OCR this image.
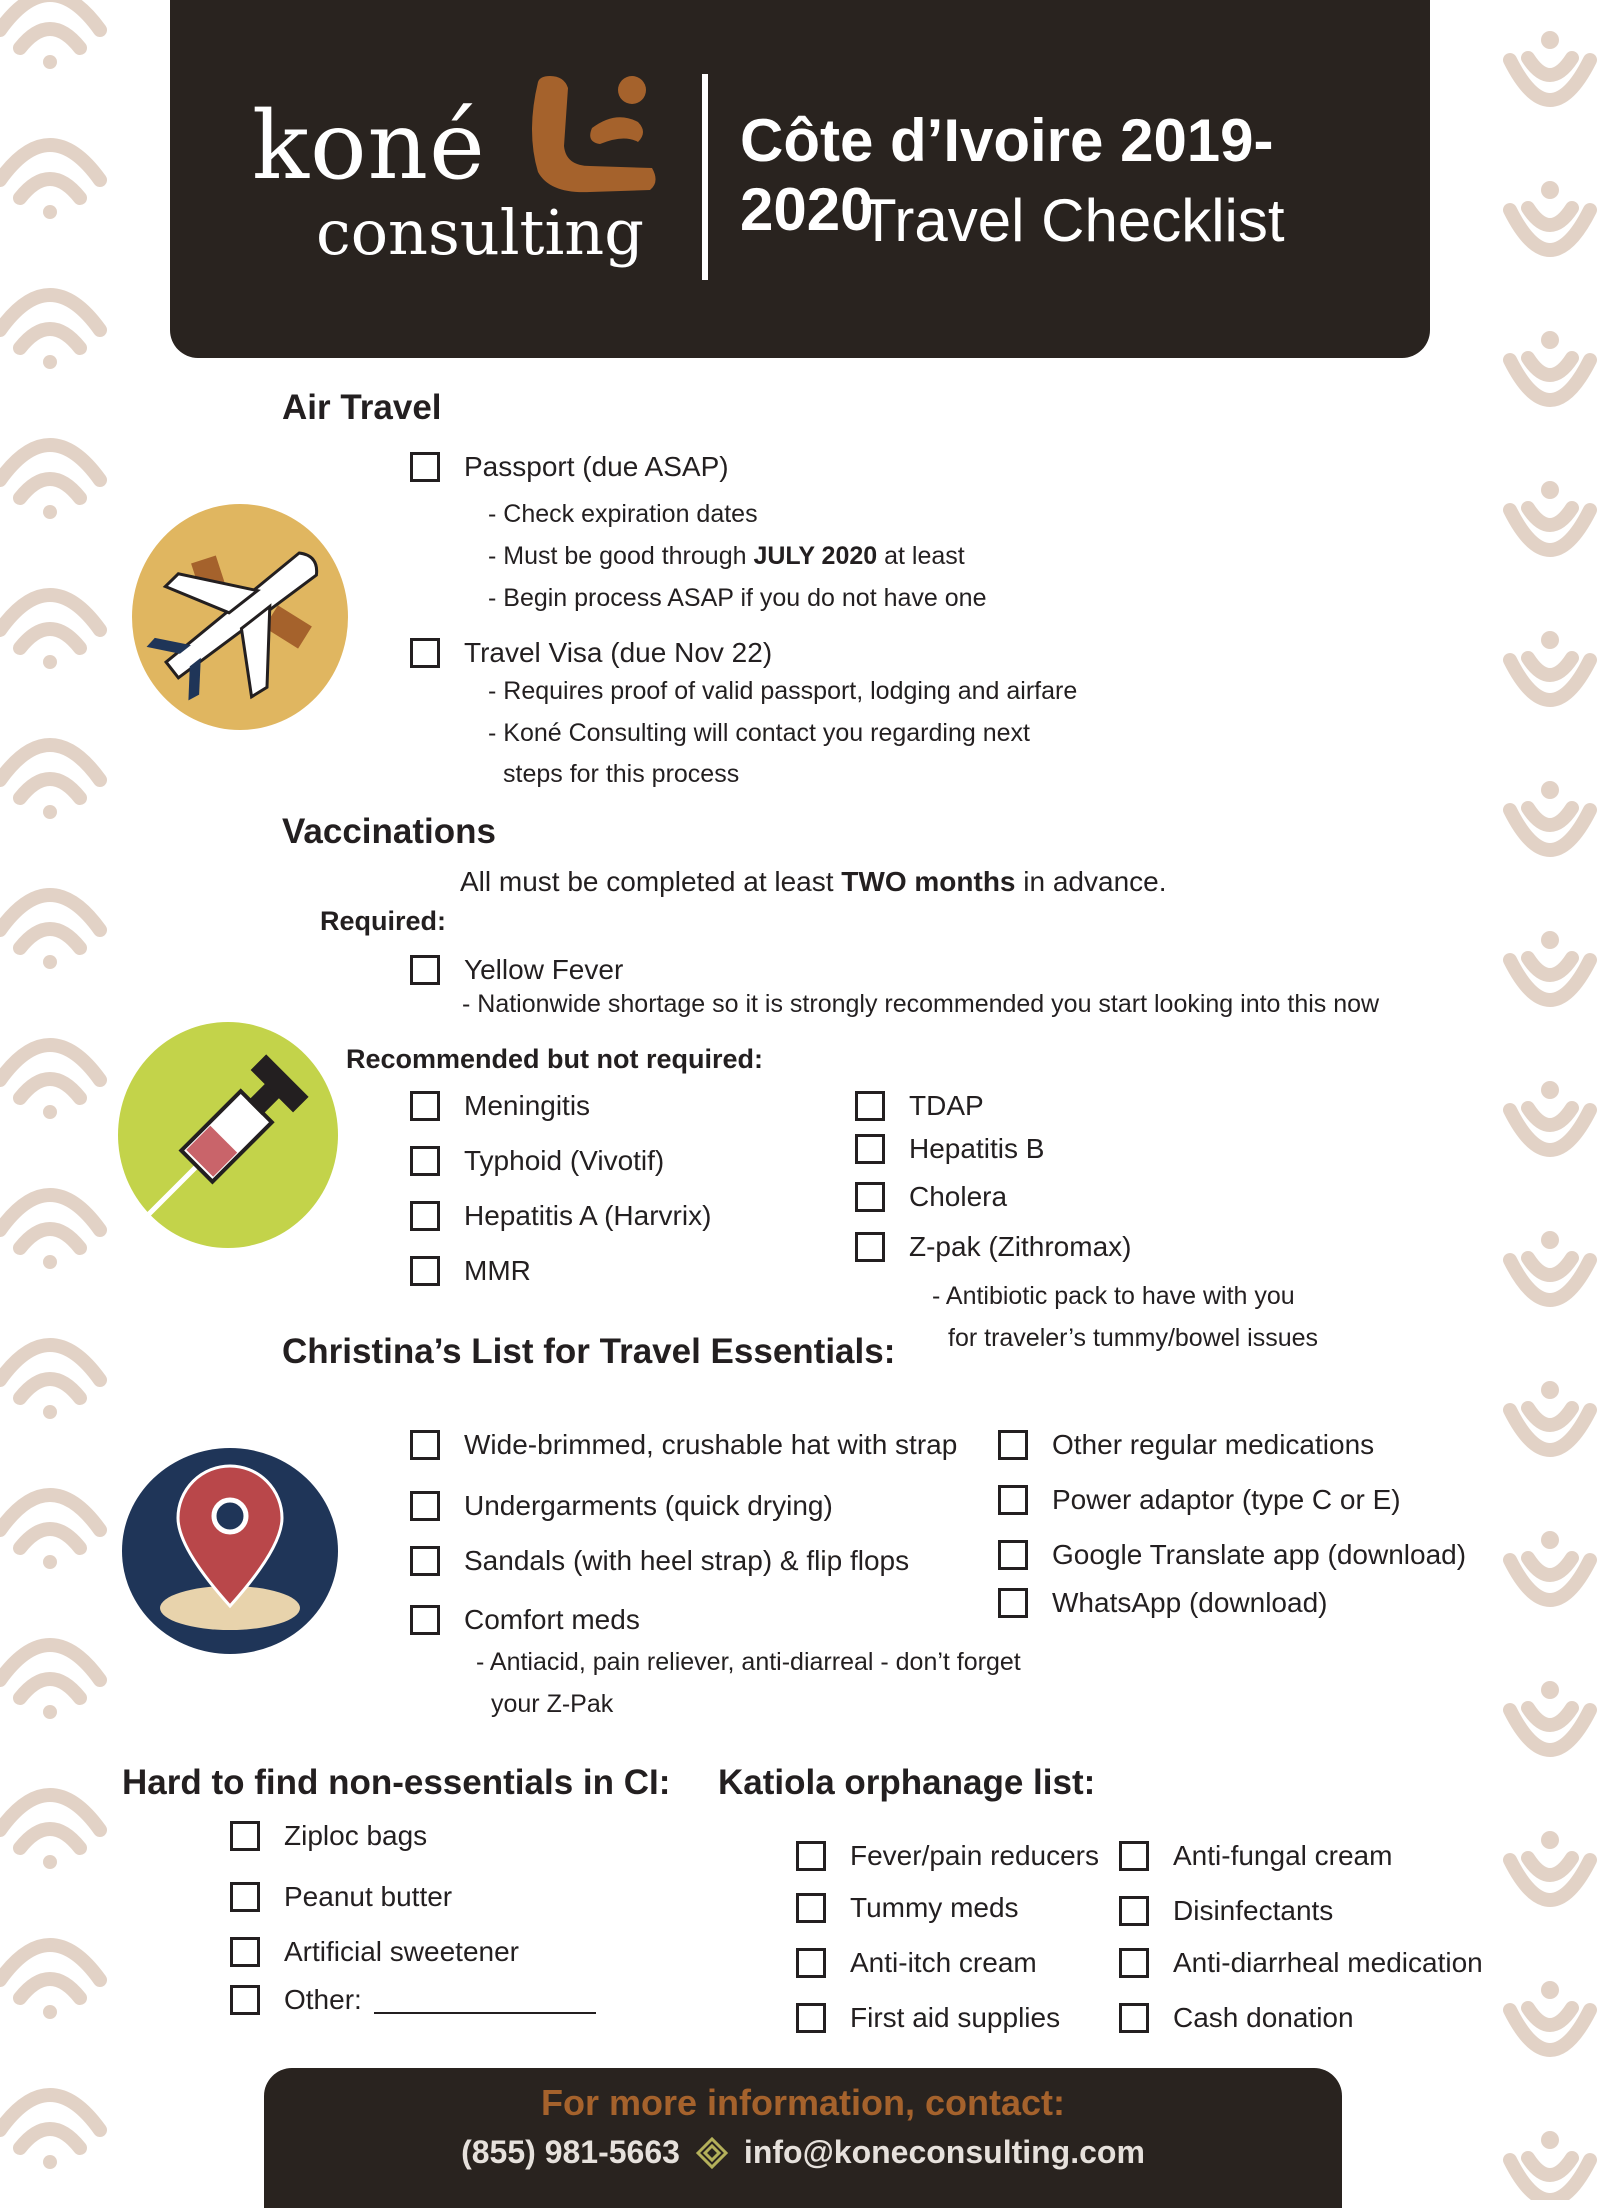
koné
consulting
Côte d’Ivoire 2019-2020
Travel Checklist
Air Travel
Passport (due ASAP)
- Check expiration dates
- Must be good through JULY 2020 at least
- Begin process ASAP if you do not have one
Travel Visa (due Nov 22)
- Requires proof of valid passport, lodging and airfare
- Koné Consulting will contact you regarding next
steps for this process
Vaccinations
All must be completed at least TWO months in advance.
Required:
Yellow Fever
- Nationwide shortage so it is strongly recommended you start looking into this now
Recommended but not required:
Meningitis
Typhoid (Vivotif)
Hepatitis A (Harvrix)
MMR
TDAP
Hepatitis B
Cholera
Z-pak (Zithromax)
- Antibiotic pack to have with you
for traveler’s tummy/bowel issues
Christina’s List for Travel Essentials:
Wide-brimmed, crushable hat with strap
Undergarments (quick drying)
Sandals (with heel strap) & flip flops
Comfort meds
- Antiacid, pain reliever, anti-diarreal - don’t forget
your Z-Pak
Other regular medications
Power adaptor (type C or E)
Google Translate app (download)
WhatsApp (download)
Hard to find non-essentials in CI:
Ziploc bags
Peanut butter
Artificial sweetener
Other:
Katiola orphanage list:
Fever/pain reducers
Tummy meds
Anti-itch cream
First aid supplies
Anti-fungal cream
Disinfectants
Anti-diarrheal medication
Cash donation
For more information, contact:
(855) 981-5663 info@koneconsulting.com
